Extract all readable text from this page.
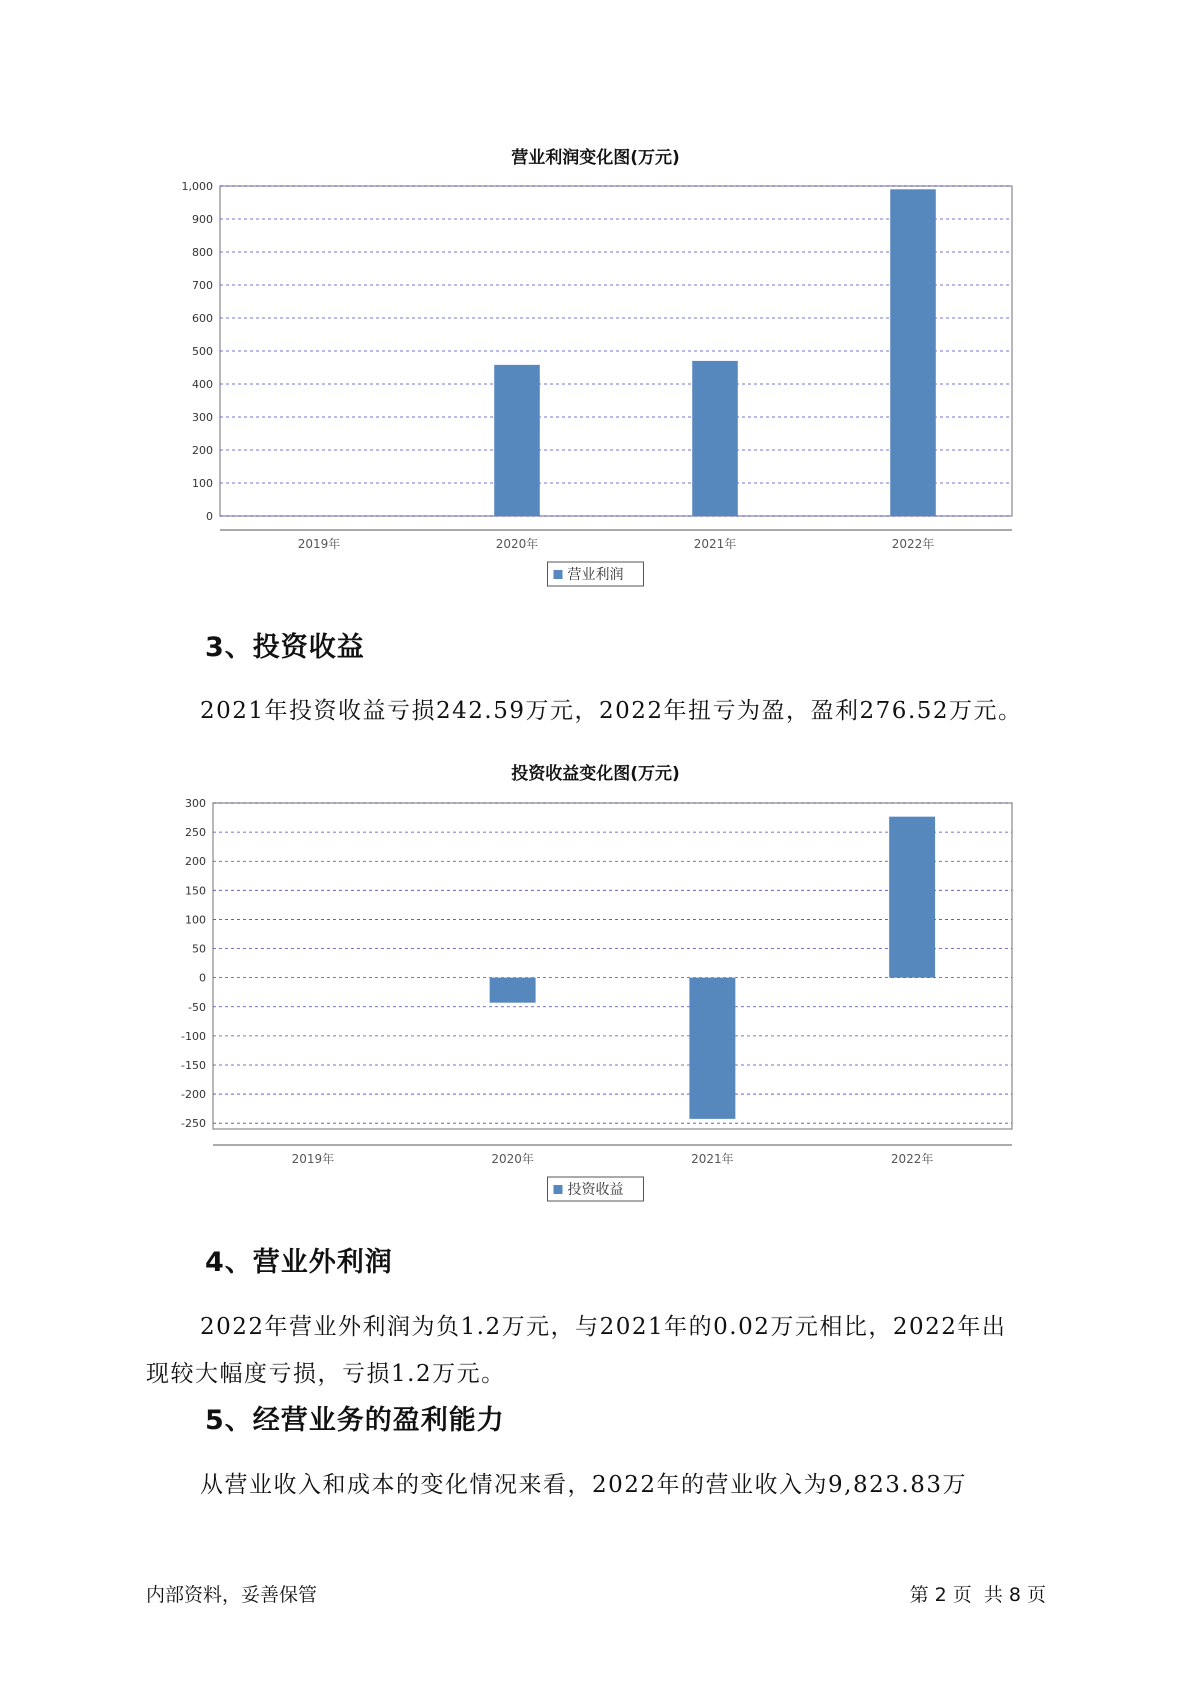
营业利润变化图(万元)
0
100
200
300
400
500
600
700
800
900
1,000
2019年	2020年	2021年	2022年
营业利润
3、投资收益
2021年投资收益亏损242.59万元，2022年扭亏为盈，盈利276.52万元。
投资收益变化图(万元)
-250
-200
-150
-100
-50
0
50
100
150
200
250
300
2019年	2020年	2021年	2022年
投资收益
4、营业外利润
2022年营业外利润为负1.2万元，与2021年的0.02万元相比，2022年出
现较大幅度亏损，亏损1.2万元。
5、经营业务的盈利能力
从营业收入和成本的变化情况来看，2022年的营业收入为9,823.83万
内部资料，妥善保管	第 2 页  共 8 页
